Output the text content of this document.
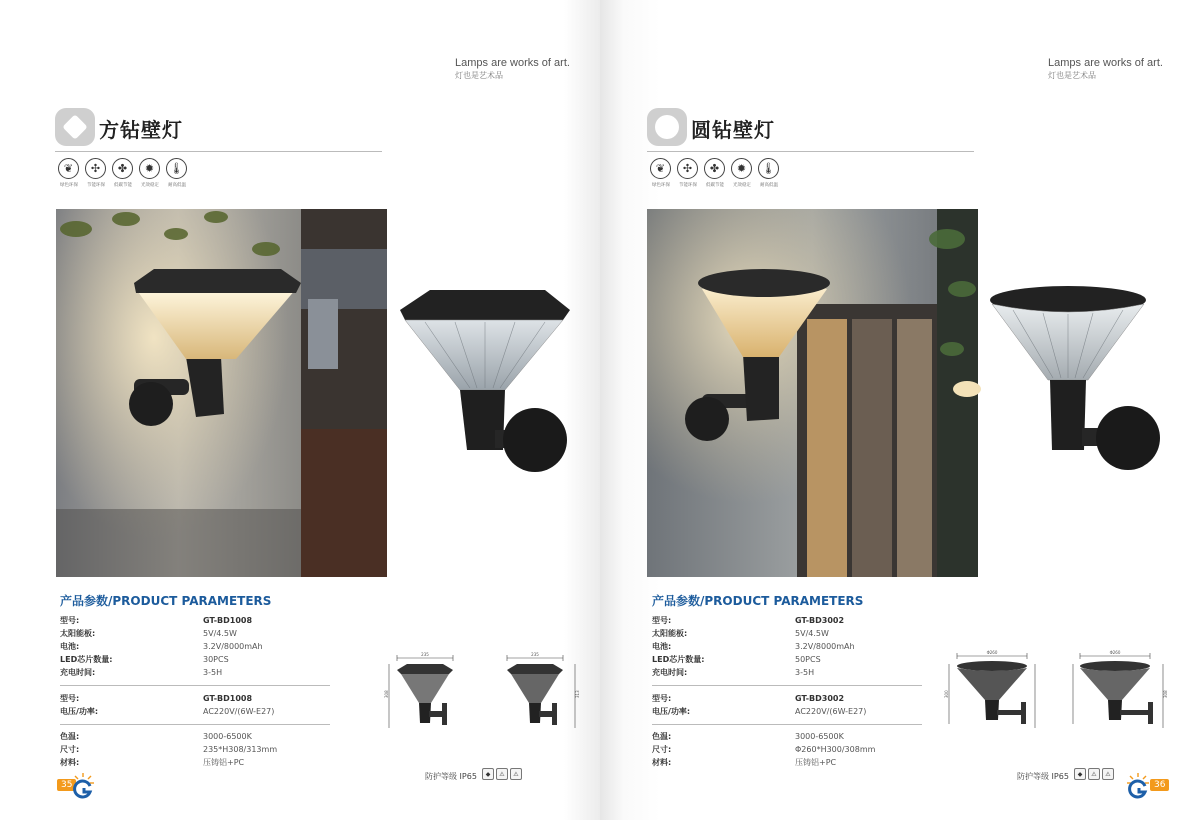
Lamps are works of art.
灯也是艺术品
方钻壁灯
❦
绿色环保
✣
节能环保
✤
低碳节能
✹
光效稳定
🌡
耐高低温
产品参数/PRODUCT PARAMETERS
型号:	GT-BD1008
太阳能板:	5V/4.5W
电池:	3.2V/8000mAh
LED芯片数量:	30PCS
充电时间:	3-5H
型号:	GT-BD1008
电压/功率:	AC220V/(6W-E27)
色温:	3000-6500K
尺寸:	235*H308/313mm
材料:	压铸铝+PC
235
308
235
313
防护等级 IP65	◆	⚠	⚠
35
Lamps are works of art.
灯也是艺术品
圆钻壁灯
❦
绿色环保
✣
节能环保
✤
低碳节能
✹
光效稳定
🌡
耐高低温
产品参数/PRODUCT PARAMETERS
型号:	GT-BD3002
太阳能板:	5V/4.5W
电池:	3.2V/8000mAh
LED芯片数量:	50PCS
充电时间:	3-5H
型号:	GT-BD3002
电压/功率:	AC220V/(6W-E27)
色温:	3000-6500K
尺寸:	Φ260*H300/308mm
材料:	压铸铝+PC
Φ260
300
Φ260
308
防护等级 IP65	◆	⚠	⚠
36
